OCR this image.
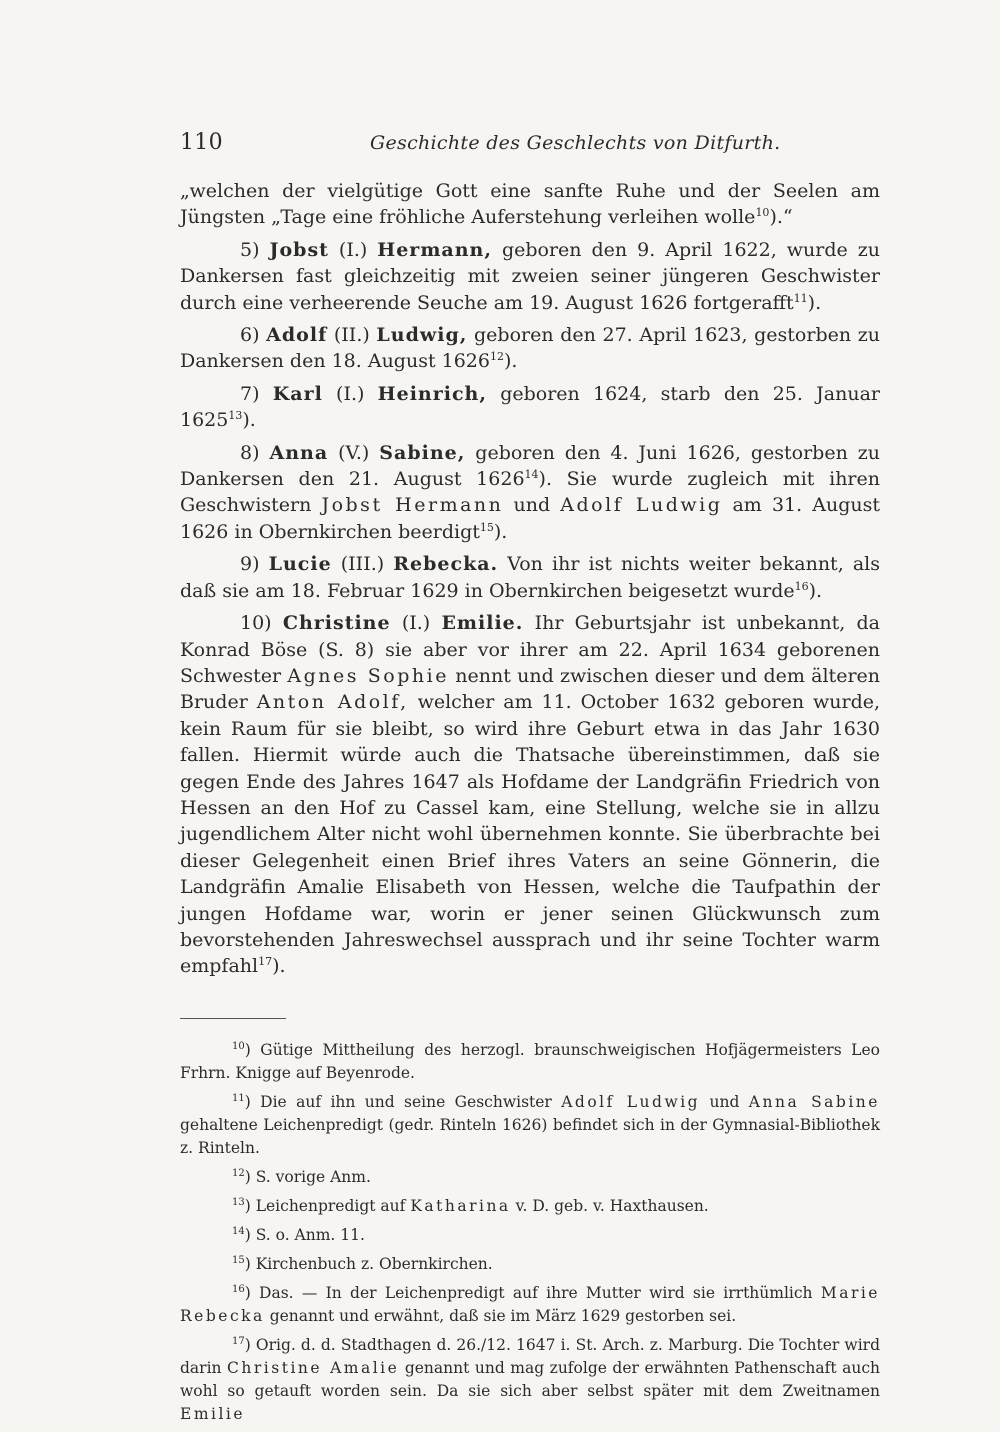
110	Geschichte des Geschlechts von Ditfurth.

„welchen der vielgütige Gott eine sanfte Ruhe und der Seelen am Jüngsten „Tage eine fröhliche Auferstehung verleihen wolle$^{10}$).“

5) Jobst (I.) Hermann, geboren den 9. April 1622, wurde zu Dankersen fast gleichzeitig mit zweien seiner jüngeren Geschwister durch eine verheerende Seuche am 19. August 1626 fortgerafft$^{11}$).

6) Adolf (II.) Ludwig, geboren den 27. April 1623, gestorben zu Dankersen den 18. August 1626$^{12}$).

7) Karl (I.) Heinrich, geboren 1624, starb den 25. Januar 1625$^{13}$).

8) Anna (V.) Sabine, geboren den 4. Juni 1626, gestorben zu Dankersen den 21. August 1626$^{14}$). Sie wurde zugleich mit ihren Geschwistern Jobst Hermann und Adolf Ludwig am 31. August 1626 in Obernkirchen beerdigt$^{15}$).

9) Lucie (III.) Rebecka. Von ihr ist nichts weiter bekannt, als daß sie am 18. Februar 1629 in Obernkirchen beigesetzt wurde$^{16}$).

10) Christine (I.) Emilie. Ihr Geburtsjahr ist unbekannt, da Konrad Böse (S. 8) sie aber vor ihrer am 22. April 1634 geborenen Schwester Agnes Sophie nennt und zwischen dieser und dem älteren Bruder Anton Adolf, welcher am 11. October 1632 geboren wurde, kein Raum für sie bleibt, so wird ihre Geburt etwa in das Jahr 1630 fallen. Hiermit würde auch die Thatsache übereinstimmen, daß sie gegen Ende des Jahres 1647 als Hofdame der Landgräfin Friedrich von Hessen an den Hof zu Cassel kam, eine Stellung, welche sie in allzu jugendlichem Alter nicht wohl übernehmen konnte. Sie überbrachte bei dieser Gelegenheit einen Brief ihres Vaters an seine Gönnerin, die Landgräfin Amalie Elisabeth von Hessen, welche die Taufpathin der jungen Hofdame war, worin er jener seinen Glückwunsch zum bevorstehenden Jahreswechsel aussprach und ihr seine Tochter warm empfahl$^{17}$).

$^{10}$) Gütige Mittheilung des herzogl. braunschweigischen Hofjägermeisters Leo Frhrn. Knigge auf Beyenrode.

$^{11}$) Die auf ihn und seine Geschwister Adolf Ludwig und Anna Sabine gehaltene Leichenpredigt (gedr. Rinteln 1626) befindet sich in der Gymnasial-Bibliothek z. Rinteln.

$^{12}$) S. vorige Anm.

$^{13}$) Leichenpredigt auf Katharina v. D. geb. v. Haxthausen.

$^{14}$) S. o. Anm. 11.

$^{15}$) Kirchenbuch z. Obernkirchen.

$^{16}$) Das. — In der Leichenpredigt auf ihre Mutter wird sie irrthümlich Marie Rebecka genannt und erwähnt, daß sie im März 1629 gestorben sei.

$^{17}$) Orig. d. d. Stadthagen d. 26./12. 1647 i. St. Arch. z. Marburg. Die Tochter wird darin Christine Amalie genannt und mag zufolge der erwähnten Pathenschaft auch wohl so getauft worden sein. Da sie sich aber selbst später mit dem Zweitnamen Emilie
